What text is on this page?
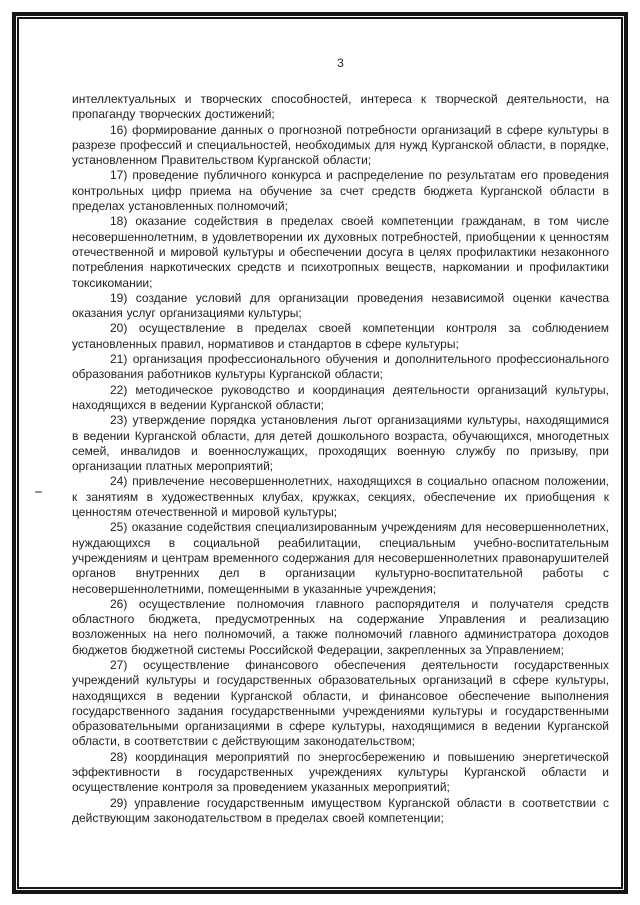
3

интеллектуальных и творческих способностей, интереса к творческой деятельности, на пропаганду творческих достижений;

16) формирование данных о прогнозной потребности организаций в сфере культуры в разрезе профессий и специальностей, необходимых для нужд Курганской области, в порядке, установленном Правительством Курганской области;

17) проведение публичного конкурса и распределение по результатам его проведения контрольных цифр приема на обучение за счет средств бюджета Курганской области в пределах установленных полномочий;

18) оказание содействия в пределах своей компетенции гражданам, в том числе несовершеннолетним, в удовлетворении их духовных потребностей, приобщении к ценностям отечественной и мировой культуры и обеспечении досуга в целях профилактики незаконного потребления наркотических средств и психотропных веществ, наркомании и профилактики токсикомании;

19) создание условий для организации проведения независимой оценки качества оказания услуг организациями культуры;

20) осуществление в пределах своей компетенции контроля за соблюдением установленных правил, нормативов и стандартов в сфере культуры;

21) организация профессионального обучения и дополнительного профессионального образования работников культуры Курганской области;

22) методическое руководство и координация деятельности организаций культуры, находящихся в ведении Курганской области;

23) утверждение порядка установления льгот организациями культуры, находящимися в ведении Курганской области, для детей дошкольного возраста, обучающихся, многодетных семей, инвалидов и военнослужащих, проходящих военную службу по призыву, при организации платных мероприятий;

24) привлечение несовершеннолетних, находящихся в социально опасном положении, к занятиям в художественных клубах, кружках, секциях, обеспечение их приобщения к ценностям отечественной и мировой культуры;

25) оказание содействия специализированным учреждениям для несовершеннолетних, нуждающихся в социальной реабилитации, специальным учебно-воспитательным учреждениям и центрам временного содержания для несовершеннолетних правонарушителей органов внутренних дел в организации культурно-воспитательной работы с несовершеннолетними, помещенными в указанные учреждения;

26) осуществление полномочия главного распорядителя и получателя средств областного бюджета, предусмотренных на содержание Управления и реализацию возложенных на него полномочий, а также полномочий главного администратора доходов бюджетов бюджетной системы Российской Федерации, закрепленных за Управлением;

27) осуществление финансового обеспечения деятельности государственных учреждений культуры и государственных образовательных организаций в сфере культуры, находящихся в ведении Курганской области, и финансовое обеспечение выполнения государственного задания государственными учреждениями культуры и государственными образовательными организациями в сфере культуры, находящимися в ведении Курганской области, в соответствии с действующим законодательством;

28) координация мероприятий по энергосбережению и повышению энергетической эффективности в государственных учреждениях культуры Курганской области и осуществление контроля за проведением указанных мероприятий;

29) управление государственным имуществом Курганской области в соответствии с действующим законодательством в пределах своей компетенции;
